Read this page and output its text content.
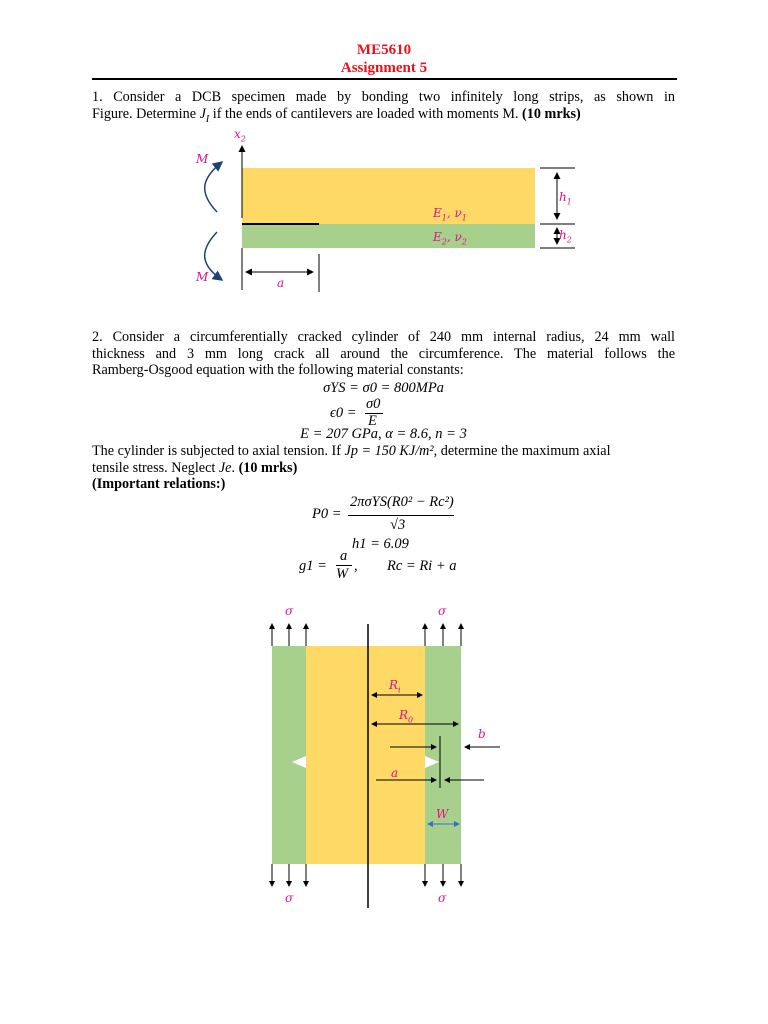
ME5610
Assignment 5
1. Consider a DCB specimen made by bonding two infinitely long strips, as shown in
Figure. Determine $J_I$ if the ends of cantilevers are loaded with moments M. (10 mrks)
$x_2$
M
M
$E_1$, $\nu_1$
$E_2$, $\nu_2$
$h_1$
$h_2$
a
2. Consider a circumferentially cracked cylinder of 240 mm internal radius, 24 mm wall
thickness and 3 mm long crack all around the circumference. The material follows the
Ramberg-Osgood equation with the following material constants:
σYS = σ0 = 800MPa
ϵ0 =
σ0
E
E = 207 GPa, α = 8.6, n = 3
The cylinder is subjected to axial tension. If Jp = 150 KJ/m², determine the maximum axial
tensile stress. Neglect Je. (10 mrks)
(Important relations:)
P0 =
2πσYS(R0² − Rc²)
√3
h1 = 6.09
g1 =
a
W , Rc = Ri + a
σ	σ
σ	σ
$R_i$
$R_0$
b
a
W
